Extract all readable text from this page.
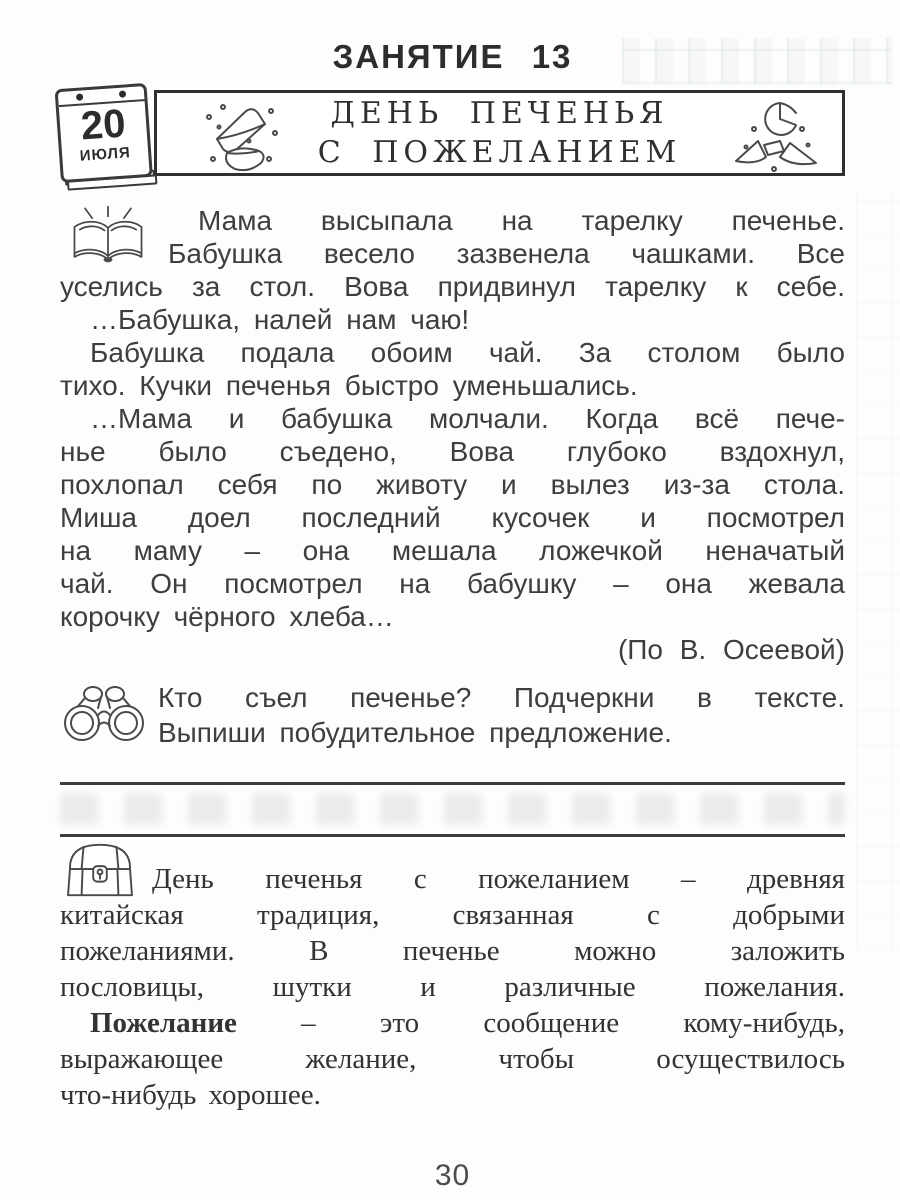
ЗАНЯТИЕ 13
20
ИЮЛЯ
ДЕНЬ ПЕЧЕНЬЯ
С ПОЖЕЛАНИЕМ
Мама высыпала на тарелку печенье.
Бабушка весело зазвенела чашками. Все
уселись за стол. Вова придвинул тарелку к себе.
…Бабушка, налей нам чаю!
Бабушка подала обоим чай. За столом было
тихо. Кучки печенья быстро уменьшались.
…Мама и бабушка молчали. Когда всё пече-
нье было съедено, Вова глубоко вздохнул,
похлопал себя по животу и вылез из-за стола.
Миша доел последний кусочек и посмотрел
на маму – она мешала ложечкой неначатый
чай. Он посмотрел на бабушку – она жевала
корочку чёрного хлеба…
(По В. Осеевой)
Кто съел печенье? Подчеркни в тексте.
Выпиши побудительное предложение.
День печенья с пожеланием – древняя
китайская традиция, связанная с добрыми
пожеланиями. В печенье можно заложить
пословицы, шутки и различные пожелания.
Пожелание – это сообщение кому-нибудь,
выражающее желание, чтобы осуществилось
что-нибудь хорошее.
30
